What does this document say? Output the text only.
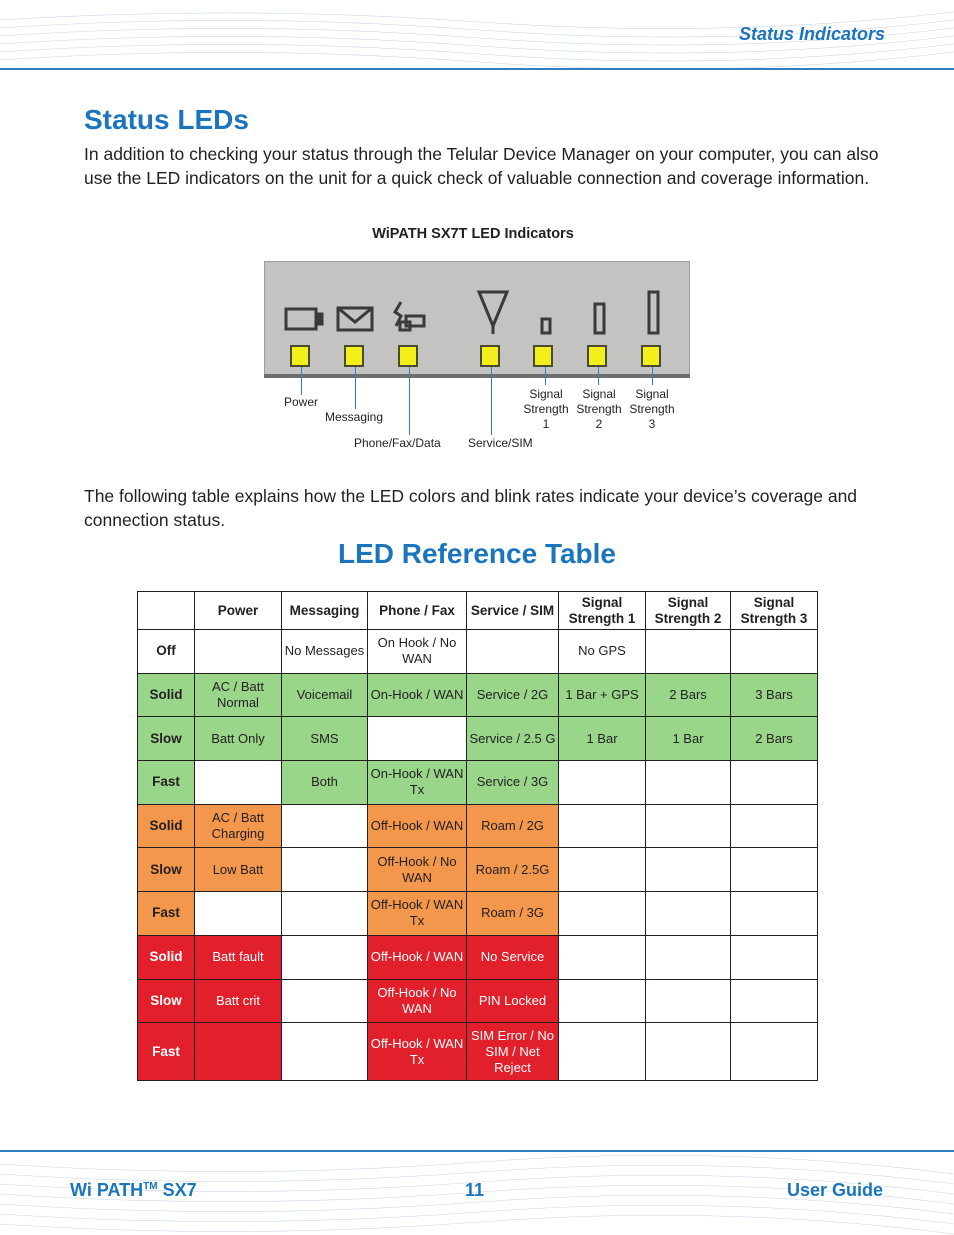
Status Indicators
Status LEDs
In addition to checking your status through the Telular Device Manager on your computer, you can also use the LED indicators on the unit for a quick check of valuable connection and coverage information.
WiPATH SX7T LED Indicators
Power
Messaging
Phone/Fax/Data Service/SIM
Signal
Strength
1
Signal
Strength
2
Signal
Strength
3
The following table explains how the LED colors and blink rates indicate your device’s coverage and connection status.
LED Reference Table
	Power	Messaging	Phone / Fax	Service / SIM	Signal Strength 1	Signal Strength 2	Signal Strength 3
Off		No Messages	On Hook / No WAN		No GPS		
Solid	AC / Batt Normal	Voicemail	On-Hook / WAN	Service / 2G	1 Bar + GPS	2 Bars	3 Bars
Slow	Batt Only	SMS		Service / 2.5 G	1 Bar	1 Bar	2 Bars
Fast		Both	On-Hook / WAN Tx	Service / 3G			
Solid	AC / Batt Charging		Off-Hook / WAN	Roam / 2G			
Slow	Low Batt		Off-Hook / No WAN	Roam / 2.5G			
Fast			Off-Hook / WAN Tx	Roam / 3G			
Solid	Batt fault		Off-Hook / WAN	No Service			
Slow	Batt crit		Off-Hook / No WAN	PIN Locked			
Fast			Off-Hook / WAN Tx	SIM Error / No SIM / Net Reject			
Wi PATH™ SX7	11	User Guide
